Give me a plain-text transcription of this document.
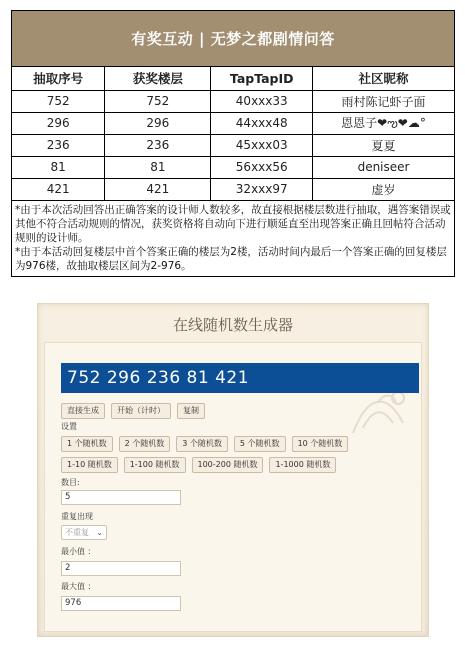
有奖互动 | 无梦之都剧情问答
抽取序号	获奖楼层	TapTapID	社区昵称
752	752	40xxx33	雨村陈记虾子面
296	296	44xxx48	恩恩子❤ఌ❤☁°
236	236	45xxx03	夏夏
81	81	56xxx56	deniseer
421	421	32xxx97	虚岁

*由于本次活动回答出正确答案的设计师人数较多，故直接根据楼层数进行抽取，遇答案错误或其他不符合活动规则的情况，获奖资格将自动向下进行顺延直至出现答案正确且回帖符合活动规则的设计师。

*由于本活动回复楼层中首个答案正确的楼层为2楼，活动时间内最后一个答案正确的回复楼层为976楼，故抽取楼层区间为2-976。

在线随机数生成器
752 296 236 81 421
直接生成	开始（计时）	复制
设置
1 个随机数	2 个随机数	3 个随机数	5 个随机数	10 个随机数
1-10 随机数	1-100 随机数	100-200 随机数	1-1000 随机数
数目:
5
重复出现
不重复 ⌄
最小值 ：
2
最大值 ：
976
